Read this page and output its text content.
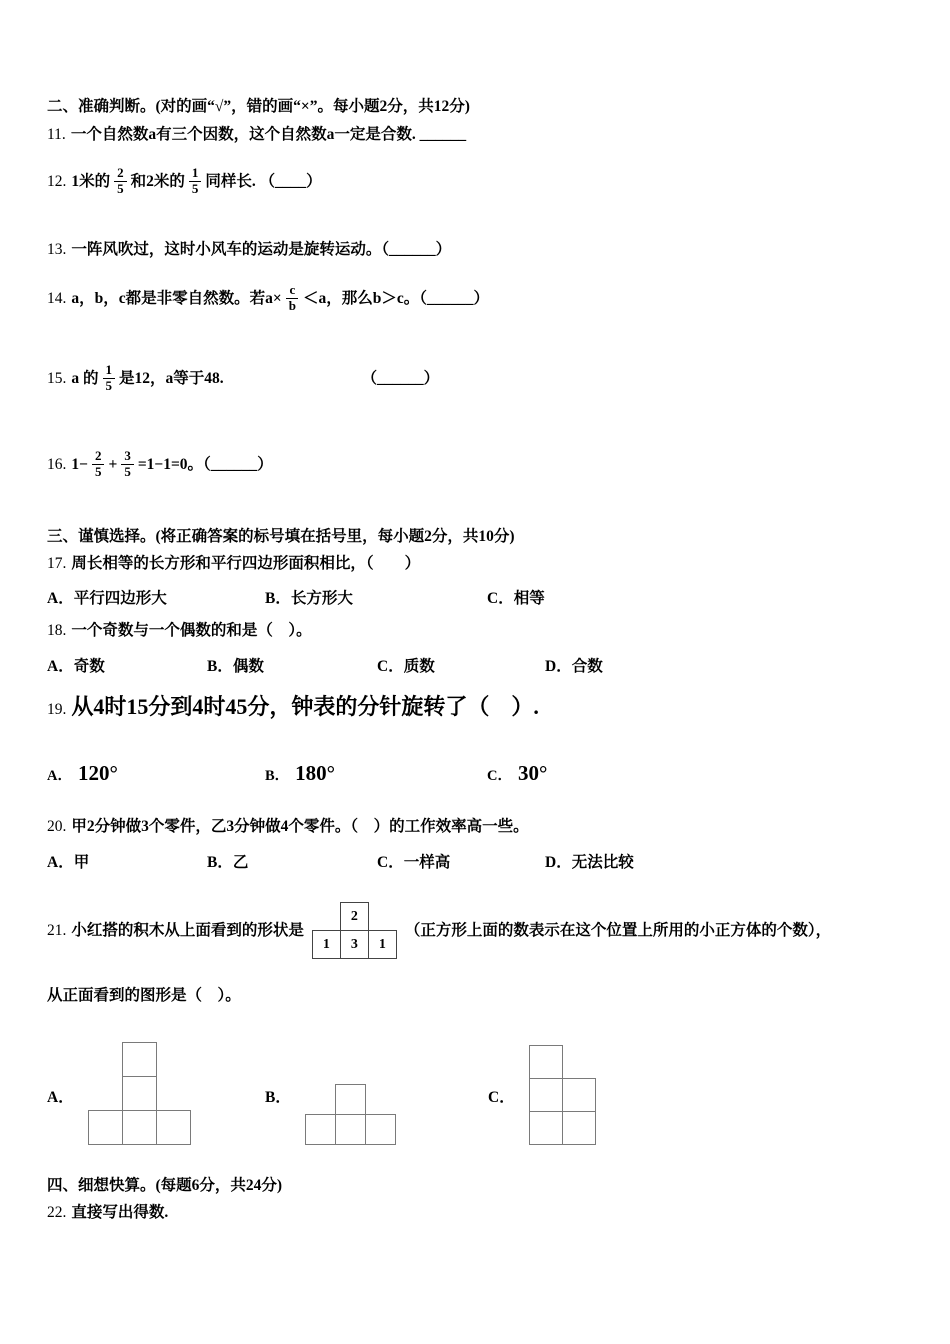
二、准确判断。(对的画“√”，错的画“×”。每小题2分，共12分)

11. 一个自然数a有三个因数，这个自然数a一定是合数. ______

12. 1米的 $\frac{2}{5}$ 和2米的 $\frac{1}{5}$ 同样长. （____）

13. 一阵风吹过，这时小风车的运动是旋转运动。（______）

14. a，b，c都是非零自然数。若$a\times \frac{c}{b} <a$，那么b＞c。（______）

15. a 的 $\frac{1}{5}$ 是12，a等于48.	（______）

16. $1- \frac{2}{5} + \frac{3}{5} =1-1=0$。（______）

三、谨慎选择。(将正确答案的标号填在括号里，每小题2分，共10分)

17. 周长相等的长方形和平行四边形面积相比，（　　）

A．平行四边形大	B．长方形大	C．相等

18. 一个奇数与一个偶数的和是（　）。

A．奇数	B．偶数	C．质数	D．合数

19. 从4时15分到4时45分，钟表的分针旋转了（　）.

A． 120°	B． 180°	C． 30°

20. 甲2分钟做3个零件，乙3分钟做4个零件。（　）的工作效率高一些。

A．甲	B．乙	C．一样高	D．无法比较
21. 小红搭的积木从上面看到的形状是
2
1	3	1
（正方形上面的数表示在这个位置上所用的小正方体的个数），

从正面看到的图形是（　）。

A．	B．	C．

四、细想快算。(每题6分，共24分)

22. 直接写出得数.
